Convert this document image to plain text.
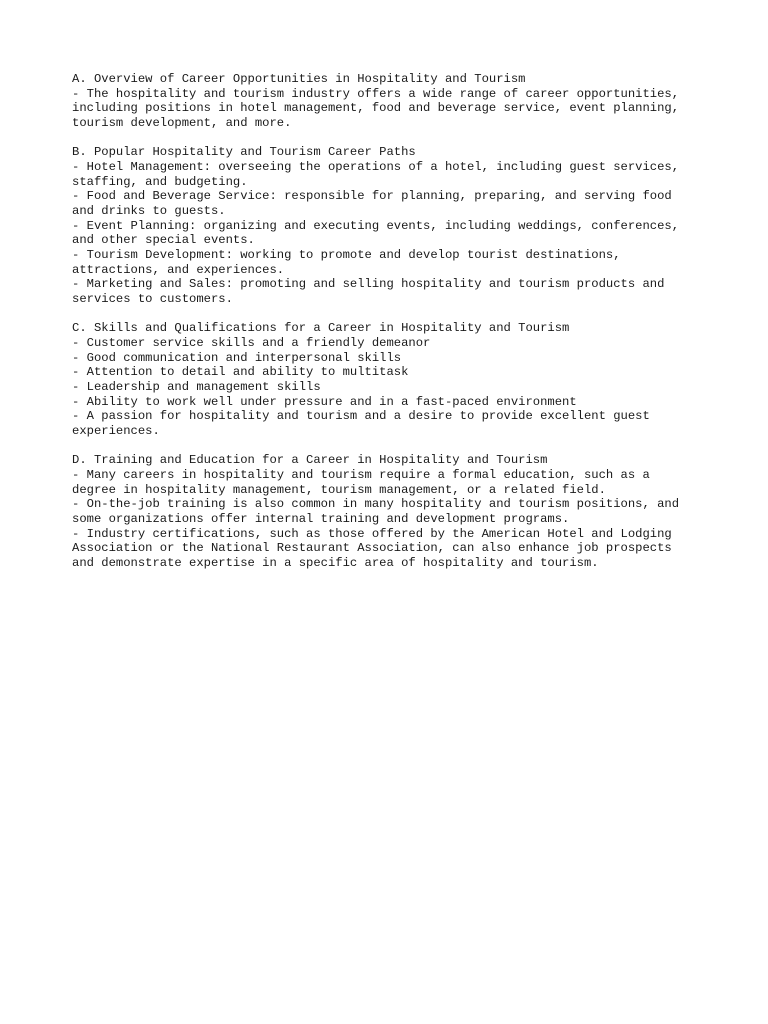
A. Overview of Career Opportunities in Hospitality and Tourism
- The hospitality and tourism industry offers a wide range of career opportunities,
including positions in hotel management, food and beverage service, event planning,
tourism development, and more.
B. Popular Hospitality and Tourism Career Paths
- Hotel Management: overseeing the operations of a hotel, including guest services,
staffing, and budgeting.
- Food and Beverage Service: responsible for planning, preparing, and serving food
and drinks to guests.
- Event Planning: organizing and executing events, including weddings, conferences,
and other special events.
- Tourism Development: working to promote and develop tourist destinations,
attractions, and experiences.
- Marketing and Sales: promoting and selling hospitality and tourism products and
services to customers.
C. Skills and Qualifications for a Career in Hospitality and Tourism
- Customer service skills and a friendly demeanor
- Good communication and interpersonal skills
- Attention to detail and ability to multitask
- Leadership and management skills
- Ability to work well under pressure and in a fast-paced environment
- A passion for hospitality and tourism and a desire to provide excellent guest
experiences.
D. Training and Education for a Career in Hospitality and Tourism
- Many careers in hospitality and tourism require a formal education, such as a
degree in hospitality management, tourism management, or a related field.
- On-the-job training is also common in many hospitality and tourism positions, and
some organizations offer internal training and development programs.
- Industry certifications, such as those offered by the American Hotel and Lodging
Association or the National Restaurant Association, can also enhance job prospects
and demonstrate expertise in a specific area of hospitality and tourism.
